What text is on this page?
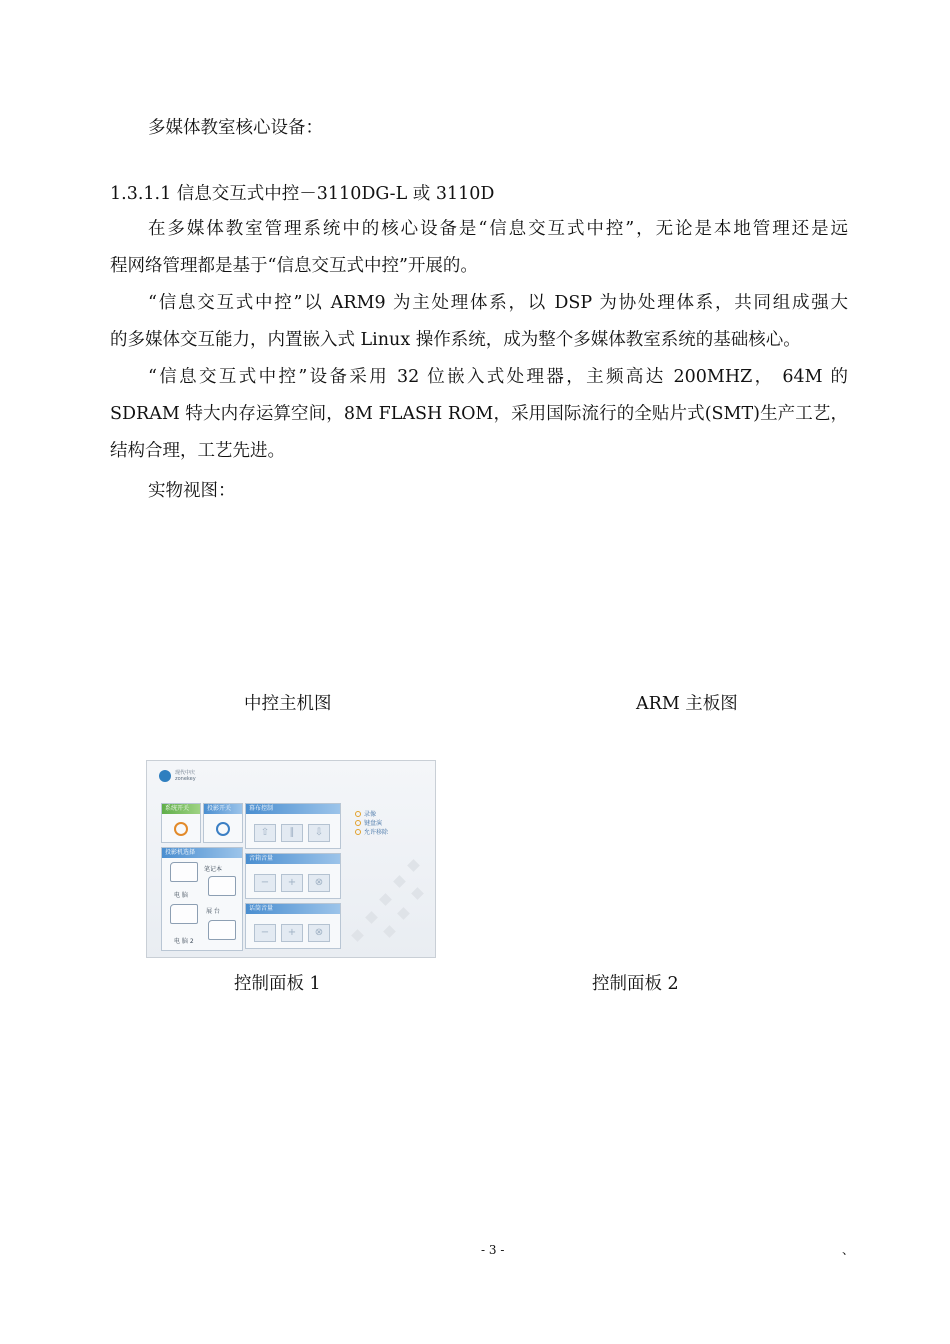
多媒体教室核心设备：
1.3.1.1 信息交互式中控－3110DG-L 或 3110D
在多媒体教室管理系统中的核心设备是“信息交互式中控”，无论是本地管理还是远
程网络管理都是基于“信息交互式中控”开展的。
“信息交互式中控”以 ARM9 为主处理体系，以 DSP 为协处理体系，共同组成强大
的多媒体交互能力，内置嵌入式 Linux 操作系统，成为整个多媒体教室系统的基础核心。
“信息交互式中控”设备采用 32 位嵌入式处理器，主频高达 200MHZ， 64M 的
SDRAM 特大内存运算空间，8M FLASH ROM，采用国际流行的全贴片式(SMT)生产工艺，
结构合理，工艺先进。
实物视图：
中控主机图	ARM 主板图
现代中庆
zonekey
系统开关	投影开关	幕布控制
⇧	∥	⇩
投影机选择
笔记本
电 脑
展 台
电 脑 2
音箱音量
−	+	⊗
话筒音量
−	+	⊗
录像
键盘演
允许移除
控制面板 1	控制面板 2
- 3 -	、
